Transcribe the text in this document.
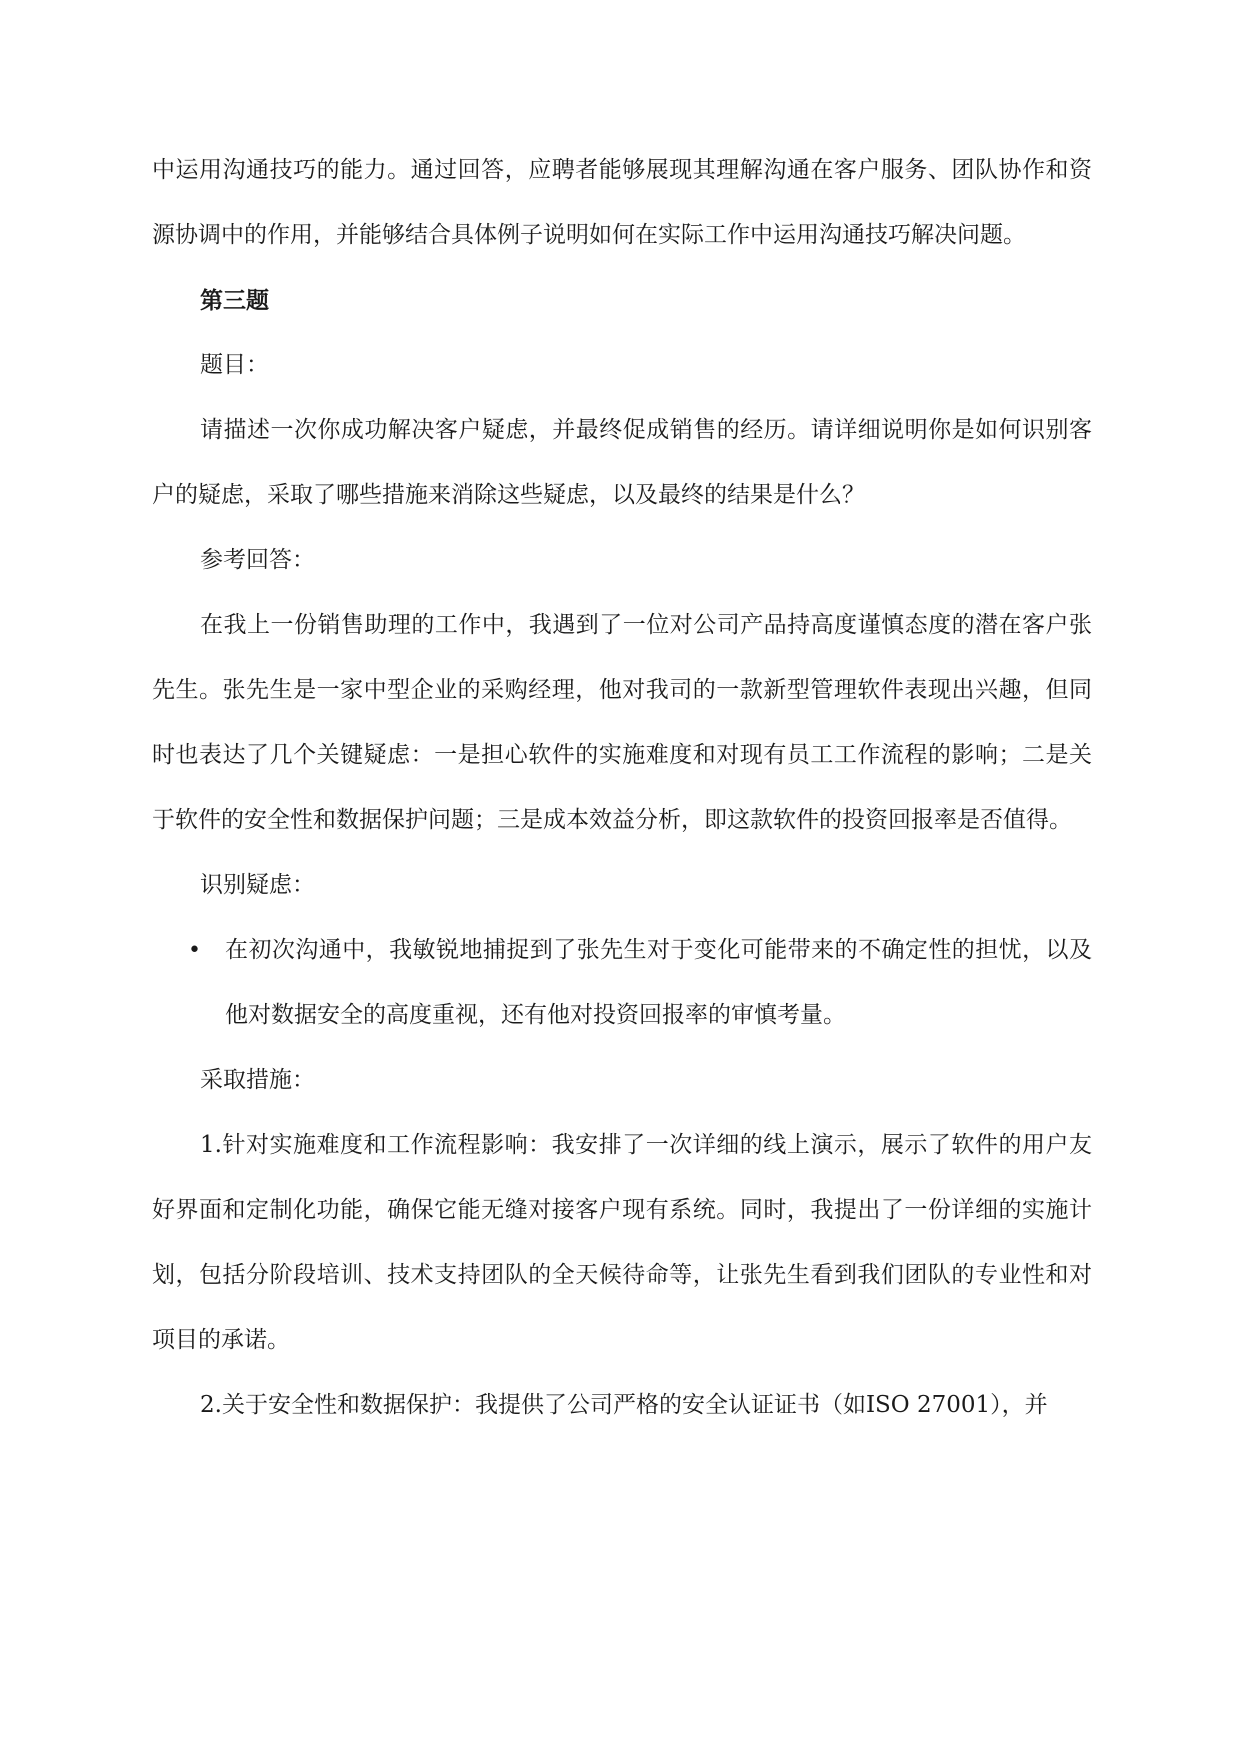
中运用沟通技巧的能力。通过回答，应聘者能够展现其理解沟通在客户服务、团队协作和资源协调中的作用，并能够结合具体例子说明如何在实际工作中运用沟通技巧解决问题。

第三题

题目：

请描述一次你成功解决客户疑虑，并最终促成销售的经历。请详细说明你是如何识别客户的疑虑，采取了哪些措施来消除这些疑虑，以及最终的结果是什么？

参考回答：

在我上一份销售助理的工作中，我遇到了一位对公司产品持高度谨慎态度的潜在客户张先生。张先生是一家中型企业的采购经理，他对我司的一款新型管理软件表现出兴趣，但同时也表达了几个关键疑虑：一是担心软件的实施难度和对现有员工工作流程的影响；二是关于软件的安全性和数据保护问题；三是成本效益分析，即这款软件的投资回报率是否值得。

识别疑虑：

• 在初次沟通中，我敏锐地捕捉到了张先生对于变化可能带来的不确定性的担忧，以及他对数据安全的高度重视，还有他对投资回报率的审慎考量。

采取措施：

1.针对实施难度和工作流程影响：我安排了一次详细的线上演示，展示了软件的用户友好界面和定制化功能，确保它能无缝对接客户现有系统。同时，我提出了一份详细的实施计划，包括分阶段培训、技术支持团队的全天候待命等，让张先生看到我们团队的专业性和对项目的承诺。

2.关于安全性和数据保护：我提供了公司严格的安全认证证书（如ISO 27001），并
